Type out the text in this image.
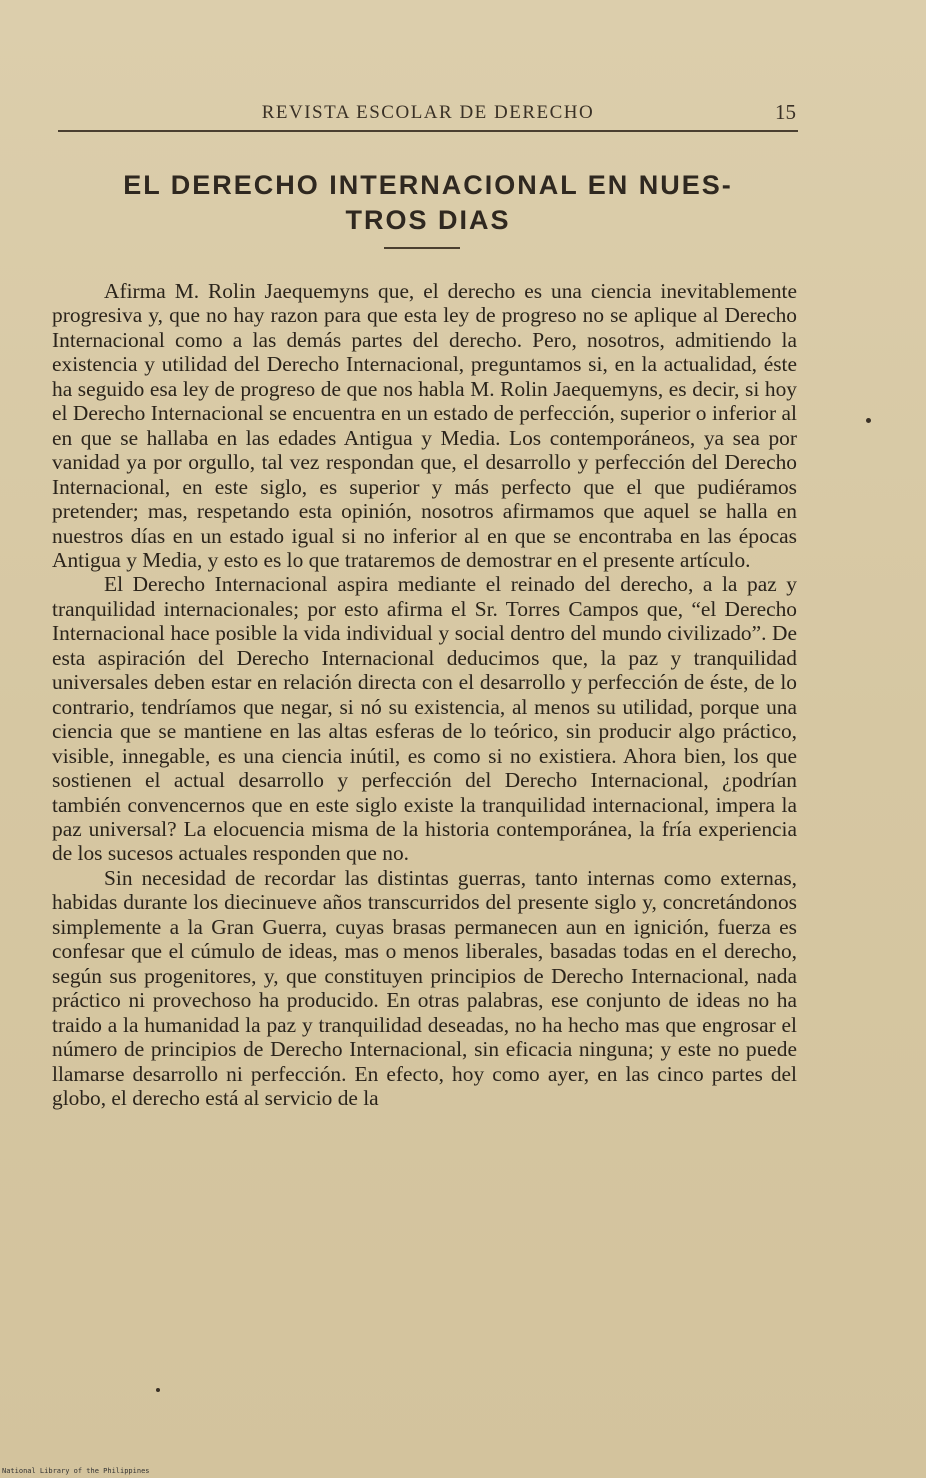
REVISTA ESCOLAR DE DERECHO	15
EL DERECHO INTERNACIONAL EN NUES-
TROS DIAS

Afirma M. Rolin Jaequemyns que, el derecho es una ciencia inevitablemente progresiva y, que no hay razon para que esta ley de progreso no se aplique al Derecho Internacional como a las demás partes del derecho. Pero, nosotros, admitiendo la existencia y utilidad del Derecho Internacional, preguntamos si, en la actualidad, éste ha seguido esa ley de progreso de que nos habla M. Rolin Jaequemyns, es decir, si hoy el Derecho Internacional se encuentra en un estado de perfección, superior o inferior al en que se hallaba en las edades Antigua y Media. Los contemporáneos, ya sea por vanidad ya por orgullo, tal vez respondan que, el desarrollo y perfección del Derecho Internacional, en este siglo, es superior y más perfecto que el que pudiéramos pretender; mas, respetando esta opinión, nosotros afirmamos que aquel se halla en nuestros días en un estado igual si no inferior al en que se encontraba en las épocas Antigua y Media, y esto es lo que trataremos de demostrar en el presente artículo.

El Derecho Internacional aspira mediante el reinado del derecho, a la paz y tranquilidad internacionales; por esto afirma el Sr. Torres Campos que, “el Derecho Internacional hace posible la vida individual y social dentro del mundo civilizado”. De esta aspiración del Derecho Internacional deducimos que, la paz y tranquilidad universales deben estar en relación directa con el desarrollo y perfección de éste, de lo contrario, tendríamos que negar, si nó su existencia, al menos su utilidad, porque una ciencia que se mantiene en las altas esferas de lo teórico, sin producir algo práctico, visible, innegable, es una ciencia inútil, es como si no existiera. Ahora bien, los que sostienen el actual desarrollo y perfección del Derecho Internacional, ¿podrían también convencernos que en este siglo existe la tranquilidad internacional, impera la paz universal? La elocuencia misma de la historia contemporánea, la fría experiencia de los sucesos actuales responden que no.

Sin necesidad de recordar las distintas guerras, tanto internas como externas, habidas durante los diecinueve años transcurridos del presente siglo y, concretándonos simplemente a la Gran Guerra, cuyas brasas permanecen aun en ignición, fuerza es confesar que el cúmulo de ideas, mas o menos liberales, basadas todas en el derecho, según sus progenitores, y, que constituyen principios de Derecho Internacional, nada práctico ni provechoso ha producido. En otras palabras, ese conjunto de ideas no ha traido a la humanidad la paz y tranquilidad deseadas, no ha hecho mas que engrosar el número de principios de Derecho Internacional, sin eficacia ninguna; y este no puede llamarse desarrollo ni perfección. En efecto, hoy como ayer, en las cinco partes del globo, el derecho está al servicio de la

National Library of the Philippines
